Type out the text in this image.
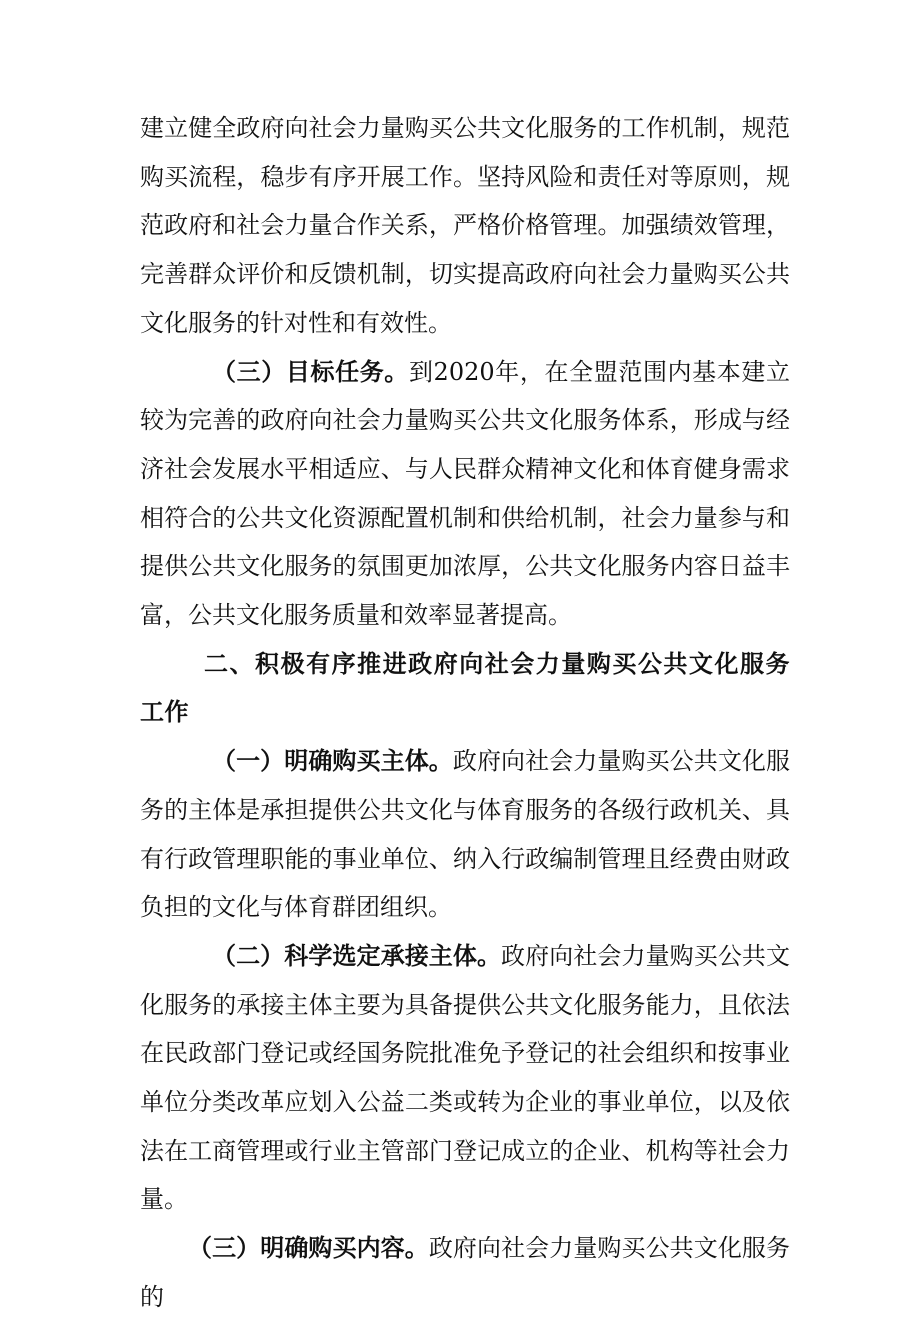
建立健全政府向社会力量购买公共文化服务的工作机制，规范购买流程，稳步有序开展工作。坚持风险和责任对等原则，规范政府和社会力量合作关系，严格价格管理。加强绩效管理，完善群众评价和反馈机制，切实提高政府向社会力量购买公共文化服务的针对性和有效性。

（三）目标任务。到2020年，在全盟范围内基本建立较为完善的政府向社会力量购买公共文化服务体系，形成与经济社会发展水平相适应、与人民群众精神文化和体育健身需求相符合的公共文化资源配置机制和供给机制，社会力量参与和提供公共文化服务的氛围更加浓厚，公共文化服务内容日益丰富，公共文化服务质量和效率显著提高。

二、积极有序推进政府向社会力量购买公共文化服务工作

（一）明确购买主体。政府向社会力量购买公共文化服务的主体是承担提供公共文化与体育服务的各级行政机关、具有行政管理职能的事业单位、纳入行政编制管理且经费由财政负担的文化与体育群团组织。

（二）科学选定承接主体。政府向社会力量购买公共文化服务的承接主体主要为具备提供公共文化服务能力，且依法在民政部门登记或经国务院批准免予登记的社会组织和按事业单位分类改革应划入公益二类或转为企业的事业单位，以及依法在工商管理或行业主管部门登记成立的企业、机构等社会力量。

（三）明确购买内容。政府向社会力量购买公共文化服务的
